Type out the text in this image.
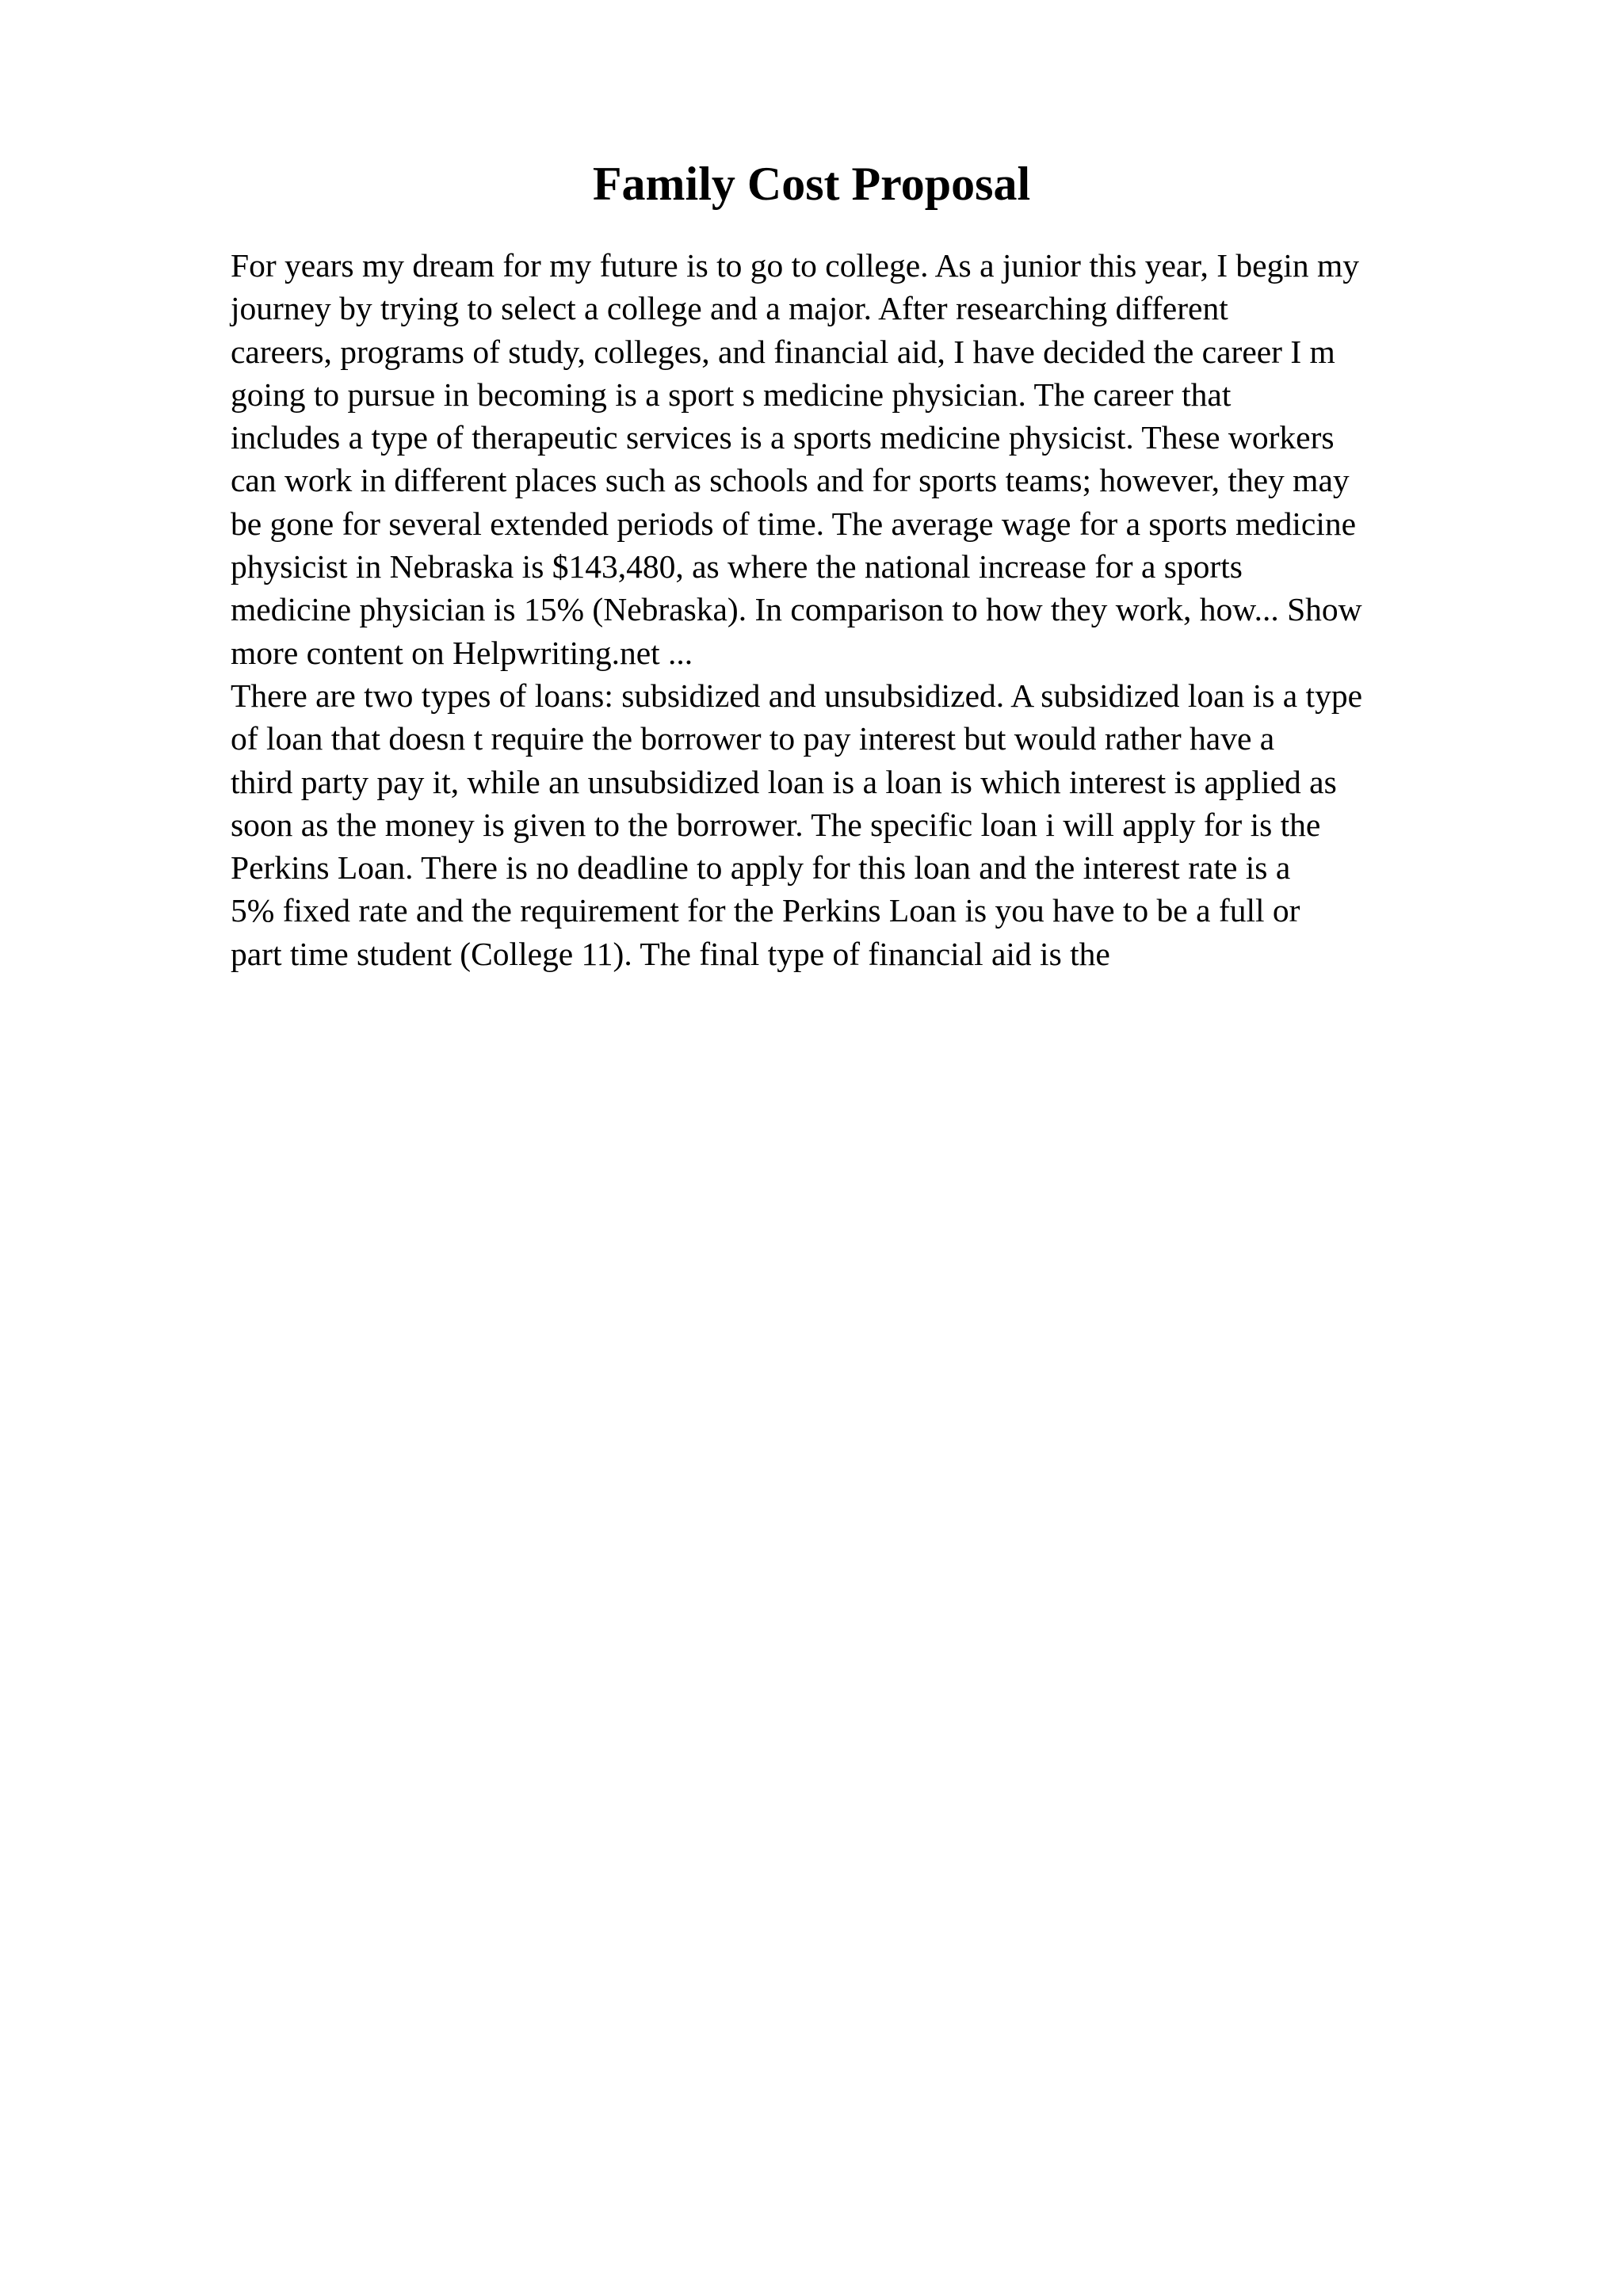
Family Cost Proposal
For years my dream for my future is to go to college. As a junior this year, I begin my
journey by trying to select a college and a major. After researching different
careers, programs of study, colleges, and financial aid, I have decided the career I m
going to pursue in becoming is a sport s medicine physician. The career that
includes a type of therapeutic services is a sports medicine physicist. These workers
can work in different places such as schools and for sports teams; however, they may
be gone for several extended periods of time. The average wage for a sports medicine
physicist in Nebraska is $143,480, as where the national increase for a sports
medicine physician is 15% (Nebraska). In comparison to how they work, how... Show
more content on Helpwriting.net ...
There are two types of loans: subsidized and unsubsidized. A subsidized loan is a type
of loan that doesn t require the borrower to pay interest but would rather have a
third party pay it, while an unsubsidized loan is a loan is which interest is applied as
soon as the money is given to the borrower. The specific loan i will apply for is the
Perkins Loan. There is no deadline to apply for this loan and the interest rate is a
5% fixed rate and the requirement for the Perkins Loan is you have to be a full or
part time student (College 11). The final type of financial aid is the
